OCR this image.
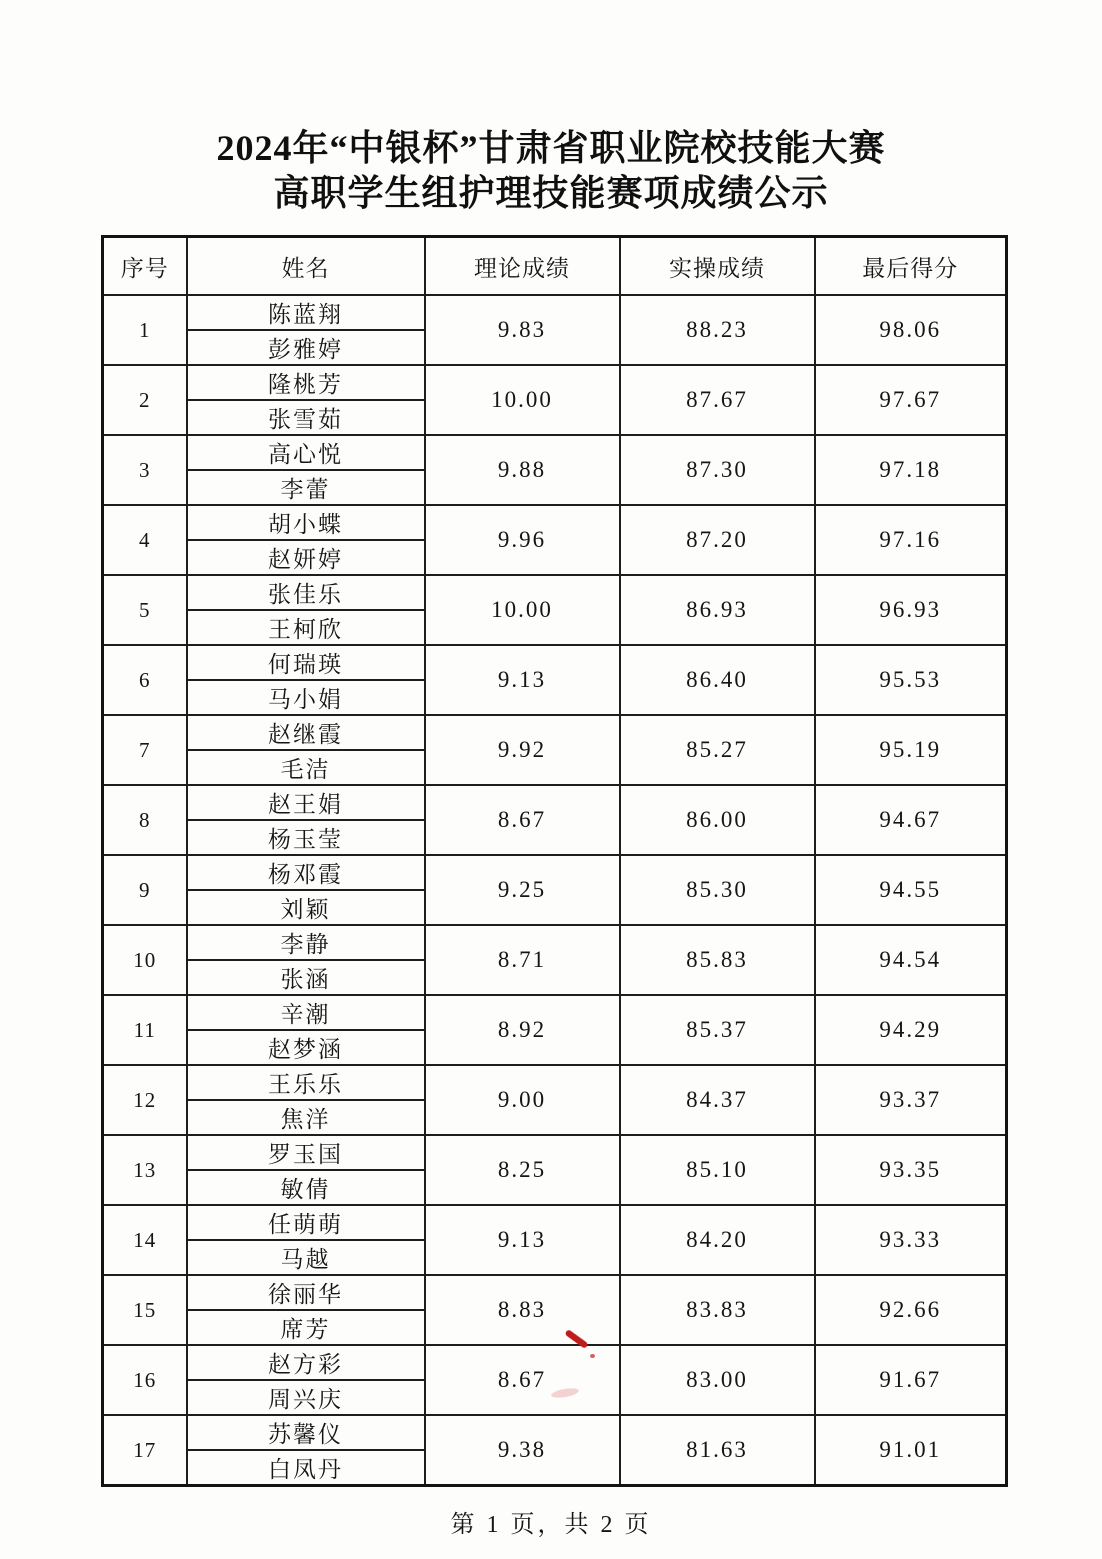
2024年“中银杯”甘肃省职业院校技能大赛
高职学生组护理技能赛项成绩公示
序号	姓名	理论成绩	实操成绩	最后得分
1	陈蓝翔	9.83	88.23	98.06
	彭雅婷			
2	隆桃芳	10.00	87.67	97.67
	张雪茹			
3	高心悦	9.88	87.30	97.18
	李蕾			
4	胡小蝶	9.96	87.20	97.16
	赵妍婷			
5	张佳乐	10.00	86.93	96.93
	王柯欣			
6	何瑞瑛	9.13	86.40	95.53
	马小娟			
7	赵继霞	9.92	85.27	95.19
	毛洁			
8	赵王娟	8.67	86.00	94.67
	杨玉莹			
9	杨邓霞	9.25	85.30	94.55
	刘颖			
10	李静	8.71	85.83	94.54
	张涵			
11	辛潮	8.92	85.37	94.29
	赵梦涵			
12	王乐乐	9.00	84.37	93.37
	焦洋			
13	罗玉国	8.25	85.10	93.35
	敏倩			
14	任萌萌	9.13	84.20	93.33
	马越			
15	徐丽华	8.83	83.83	92.66
	席芳			
16	赵方彩	8.67	83.00	91.67
	周兴庆			
17	苏馨仪	9.38	81.63	91.01
	白凤丹			
第 1 页，共 2 页
